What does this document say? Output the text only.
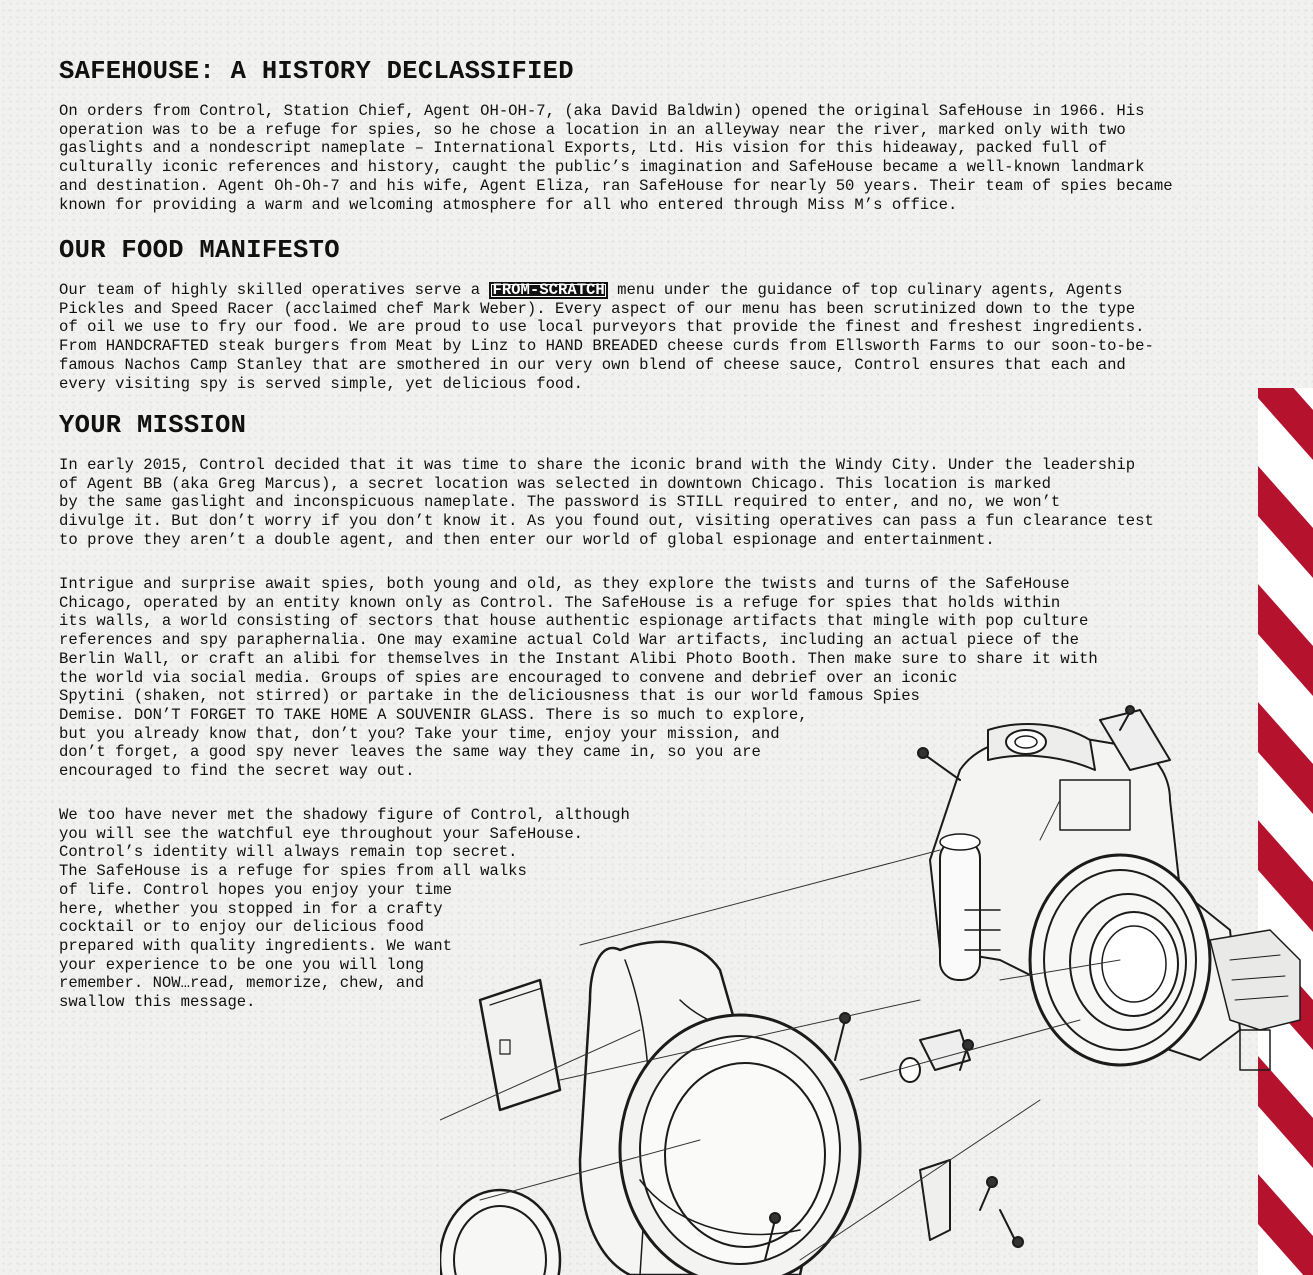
SAFEHOUSE: A HISTORY DECLASSIFIED
On orders from Control, Station Chief, Agent OH-OH-7, (aka David Baldwin) opened the original SafeHouse in 1966. His
operation was to be a refuge for spies, so he chose a location in an alleyway near the river, marked only with two
gaslights and a nondescript nameplate – International Exports, Ltd. His vision for this hideaway, packed full of
culturally iconic references and history, caught the public’s imagination and SafeHouse became a well-known landmark
and destination. Agent Oh-Oh-7 and his wife, Agent Eliza, ran SafeHouse for nearly 50 years. Their team of spies became
known for providing a warm and welcoming atmosphere for all who entered through Miss M’s office.
OUR FOOD MANIFESTO
Our team of highly skilled operatives serve a FROM-SCRATCH menu under the guidance of top culinary agents, Agents
Pickles and Speed Racer (acclaimed chef Mark Weber). Every aspect of our menu has been scrutinized down to the type
of oil we use to fry our food. We are proud to use local purveyors that provide the finest and freshest ingredients.
From HANDCRAFTED steak burgers from Meat by Linz to HAND BREADED cheese curds from Ellsworth Farms to our soon-to-be-
famous Nachos Camp Stanley that are smothered in our very own blend of cheese sauce, Control ensures that each and
every visiting spy is served simple, yet delicious food.
YOUR MISSION
In early 2015, Control decided that it was time to share the iconic brand with the Windy City. Under the leadership
of Agent BB (aka Greg Marcus), a secret location was selected in downtown Chicago. This location is marked
by the same gaslight and inconspicuous nameplate. The password is STILL required to enter, and no, we won’t
divulge it. But don’t worry if you don’t know it. As you found out, visiting operatives can pass a fun clearance test
to prove they aren’t a double agent, and then enter our world of global espionage and entertainment.
Intrigue and surprise await spies, both young and old, as they explore the twists and turns of the SafeHouse
Chicago, operated by an entity known only as Control. The SafeHouse is a refuge for spies that holds within
its walls, a world consisting of sectors that house authentic espionage artifacts that mingle with pop culture
references and spy paraphernalia. One may examine actual Cold War artifacts, including an actual piece of the
Berlin Wall, or craft an alibi for themselves in the Instant Alibi Photo Booth. Then make sure to share it with
the world via social media. Groups of spies are encouraged to convene and debrief over an iconic
Spytini (shaken, not stirred) or partake in the deliciousness that is our world famous Spies
Demise. DON’T FORGET TO TAKE HOME A SOUVENIR GLASS. There is so much to explore,
but you already know that, don’t you? Take your time, enjoy your mission, and
don’t forget, a good spy never leaves the same way they came in, so you are
encouraged to find the secret way out.
We too have never met the shadowy figure of Control, although
you will see the watchful eye throughout your SafeHouse.
Control’s identity will always remain top secret.
The SafeHouse is a refuge for spies from all walks
of life. Control hopes you enjoy your time
here, whether you stopped in for a crafty
cocktail or to enjoy our delicious food
prepared with quality ingredients. We want
your experience to be one you will long
remember. NOW…read, memorize, chew, and
swallow this message.
